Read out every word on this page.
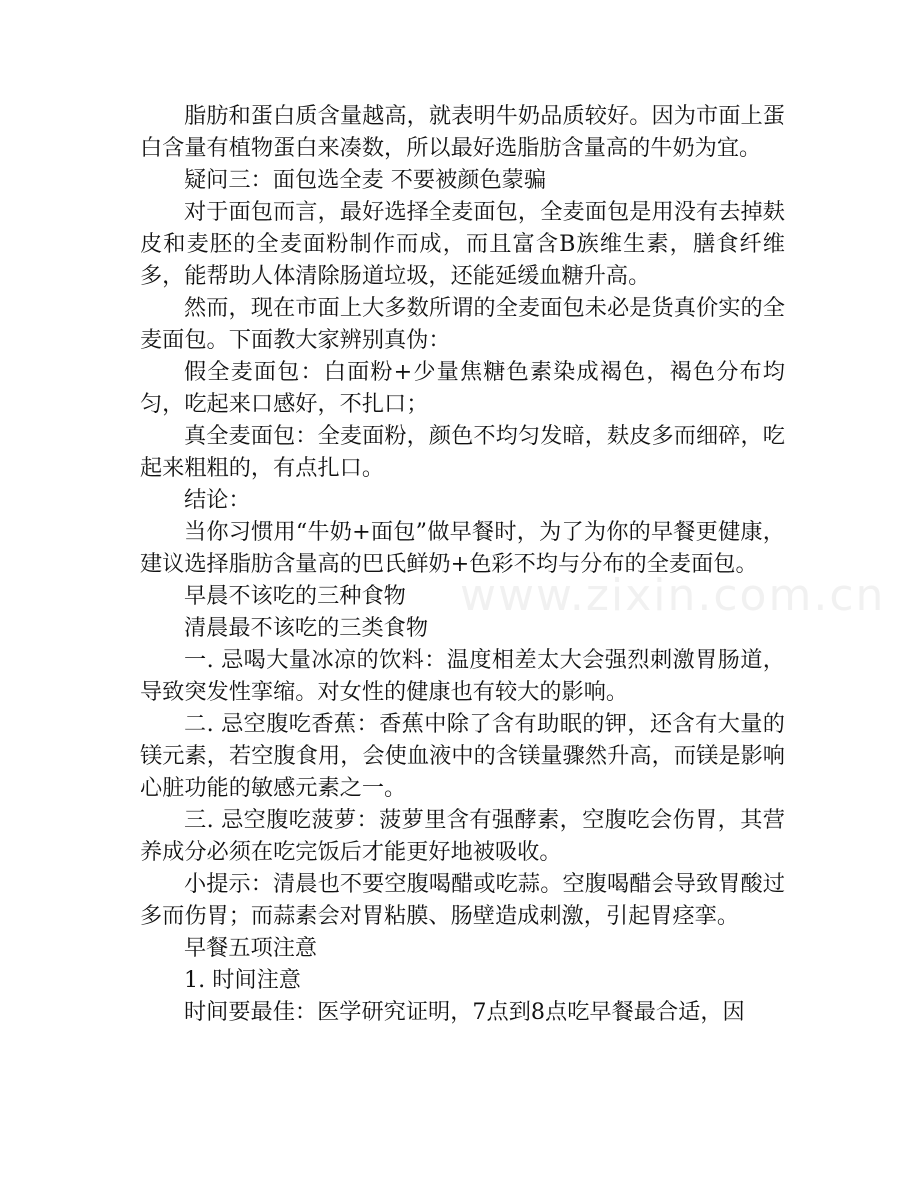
www.zixin.com.cn

脂肪和蛋白质含量越高，就表明牛奶品质较好。因为市面上蛋白含量有植物蛋白来凑数，所以最好选脂肪含量高的牛奶为宜。

疑问三：面包选全麦 不要被颜色蒙骗

对于面包而言，最好选择全麦面包，全麦面包是用没有去掉麸皮和麦胚的全麦面粉制作而成，而且富含B族维生素，膳食纤维多，能帮助人体清除肠道垃圾，还能延缓血糖升高。

然而，现在市面上大多数所谓的全麦面包未必是货真价实的全麦面包。下面教大家辨别真伪：

假全麦面包：白面粉+少量焦糖色素染成褐色，褐色分布均匀，吃起来口感好，不扎口；

真全麦面包：全麦面粉，颜色不均匀发暗，麸皮多而细碎，吃起来粗粗的，有点扎口。

结论：

当你习惯用“牛奶+面包”做早餐时，为了为你的早餐更健康，建议选择脂肪含量高的巴氏鲜奶+色彩不均与分布的全麦面包。

早晨不该吃的三种食物

清晨最不该吃的三类食物

一. 忌喝大量冰凉的饮料：温度相差太大会强烈刺激胃肠道，导致突发性挛缩。对女性的健康也有较大的影响。

二. 忌空腹吃香蕉：香蕉中除了含有助眠的钾，还含有大量的镁元素，若空腹食用，会使血液中的含镁量骤然升高，而镁是影响心脏功能的敏感元素之一。

三. 忌空腹吃菠萝：菠萝里含有强酵素，空腹吃会伤胃，其营养成分必须在吃完饭后才能更好地被吸收。

小提示：清晨也不要空腹喝醋或吃蒜。空腹喝醋会导致胃酸过多而伤胃；而蒜素会对胃粘膜、肠壁造成刺激，引起胃痉挛。

早餐五项注意

1. 时间注意

时间要最佳：医学研究证明，7点到8点吃早餐最合适，因
